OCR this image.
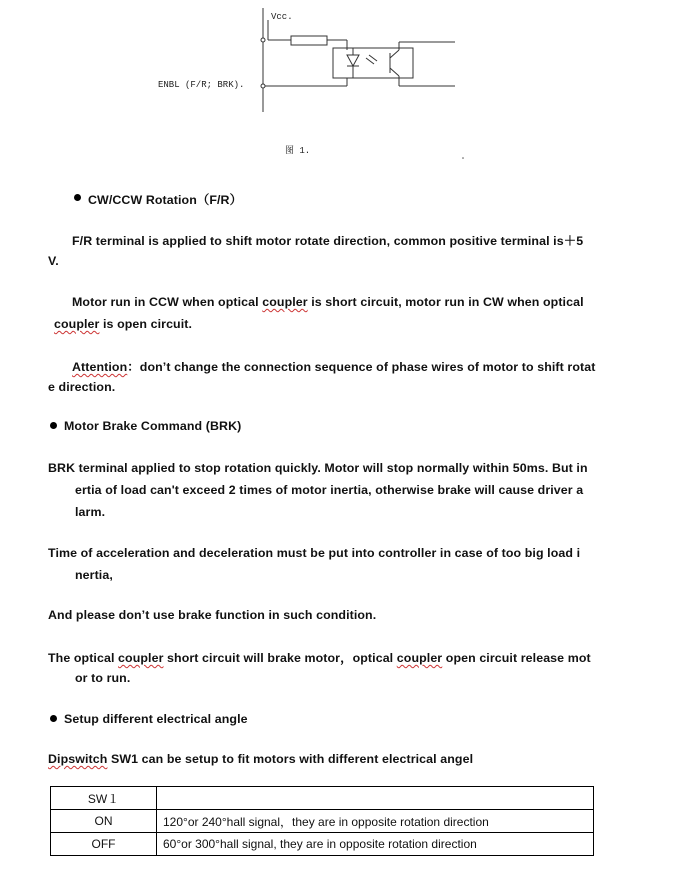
Vcc.
ENBL (F/R; BRK).
图 1.
CW/CCW Rotation（F/R）
F/R terminal is applied to shift motor rotate direction, common positive terminal is＋5
V.
Motor run in CCW when optical coupler is short circuit, motor run in CW when optical
coupler is open circuit.
Attention：don’t change the connection sequence of phase wires of motor to shift rotat
e direction.
Motor Brake Command (BRK)
BRK terminal applied to stop rotation quickly. Motor will stop normally within 50ms. But in
ertia of load can't exceed 2 times of motor inertia, otherwise brake will cause driver a
larm.
Time of acceleration and deceleration must be put into controller in case of too big load i
nertia,
And please don’t use brake function in such condition.
The optical coupler short circuit will brake motor，optical coupler open circuit release mot
or to run.
Setup different electrical angle
Dipswitch SW1 can be setup to fit motors with different electrical angel
SW１	
ON	120°or 240°hall signal，they are in opposite rotation direction
OFF	60°or 300°hall signal, they are in opposite rotation direction
